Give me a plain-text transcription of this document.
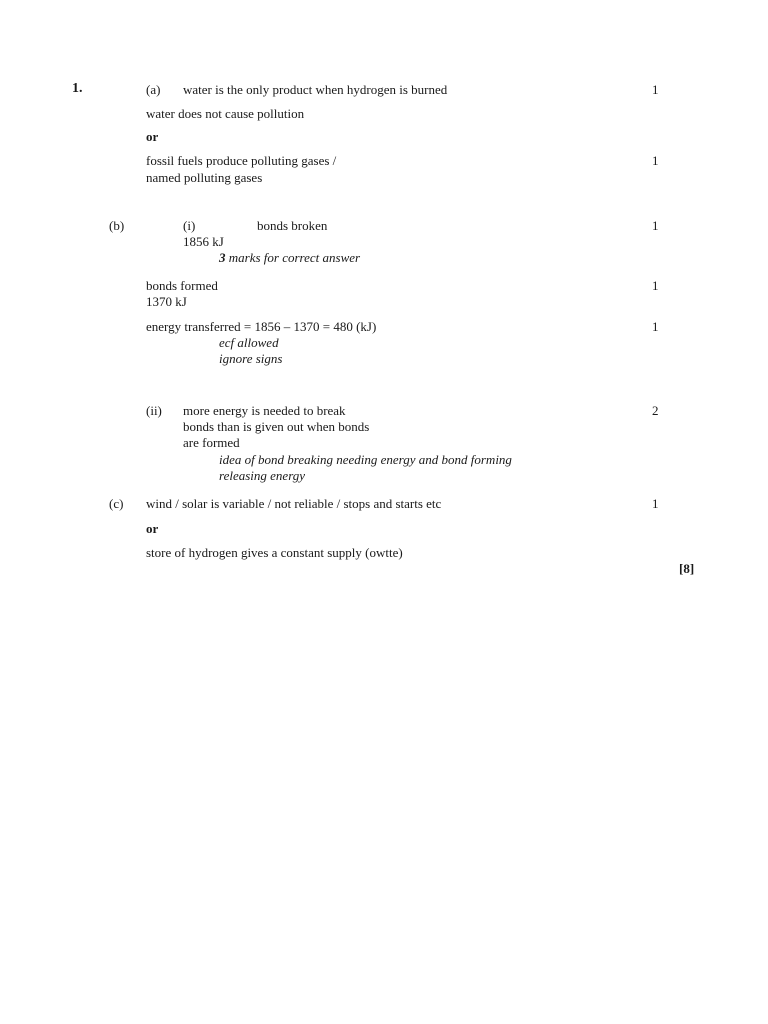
1.	(a) water is the only product when hydrogen is burned	1
water does not cause pollution
or
fossil fuels produce polluting gases /	1
named polluting gases
(b)	(i)	bonds broken	1
1856 kJ
3 marks for correct answer
bonds formed	1
1370 kJ
energy transferred = 1856 – 1370 = 480 (kJ)	1
ecf allowed
ignore signs
(ii) more energy is needed to break	2
bonds than is given out when bonds
are formed
idea of bond breaking needing energy and bond forming
releasing energy
(c) wind / solar is variable / not reliable / stops and starts etc	1
or
store of hydrogen gives a constant supply (owtte)
[8]
